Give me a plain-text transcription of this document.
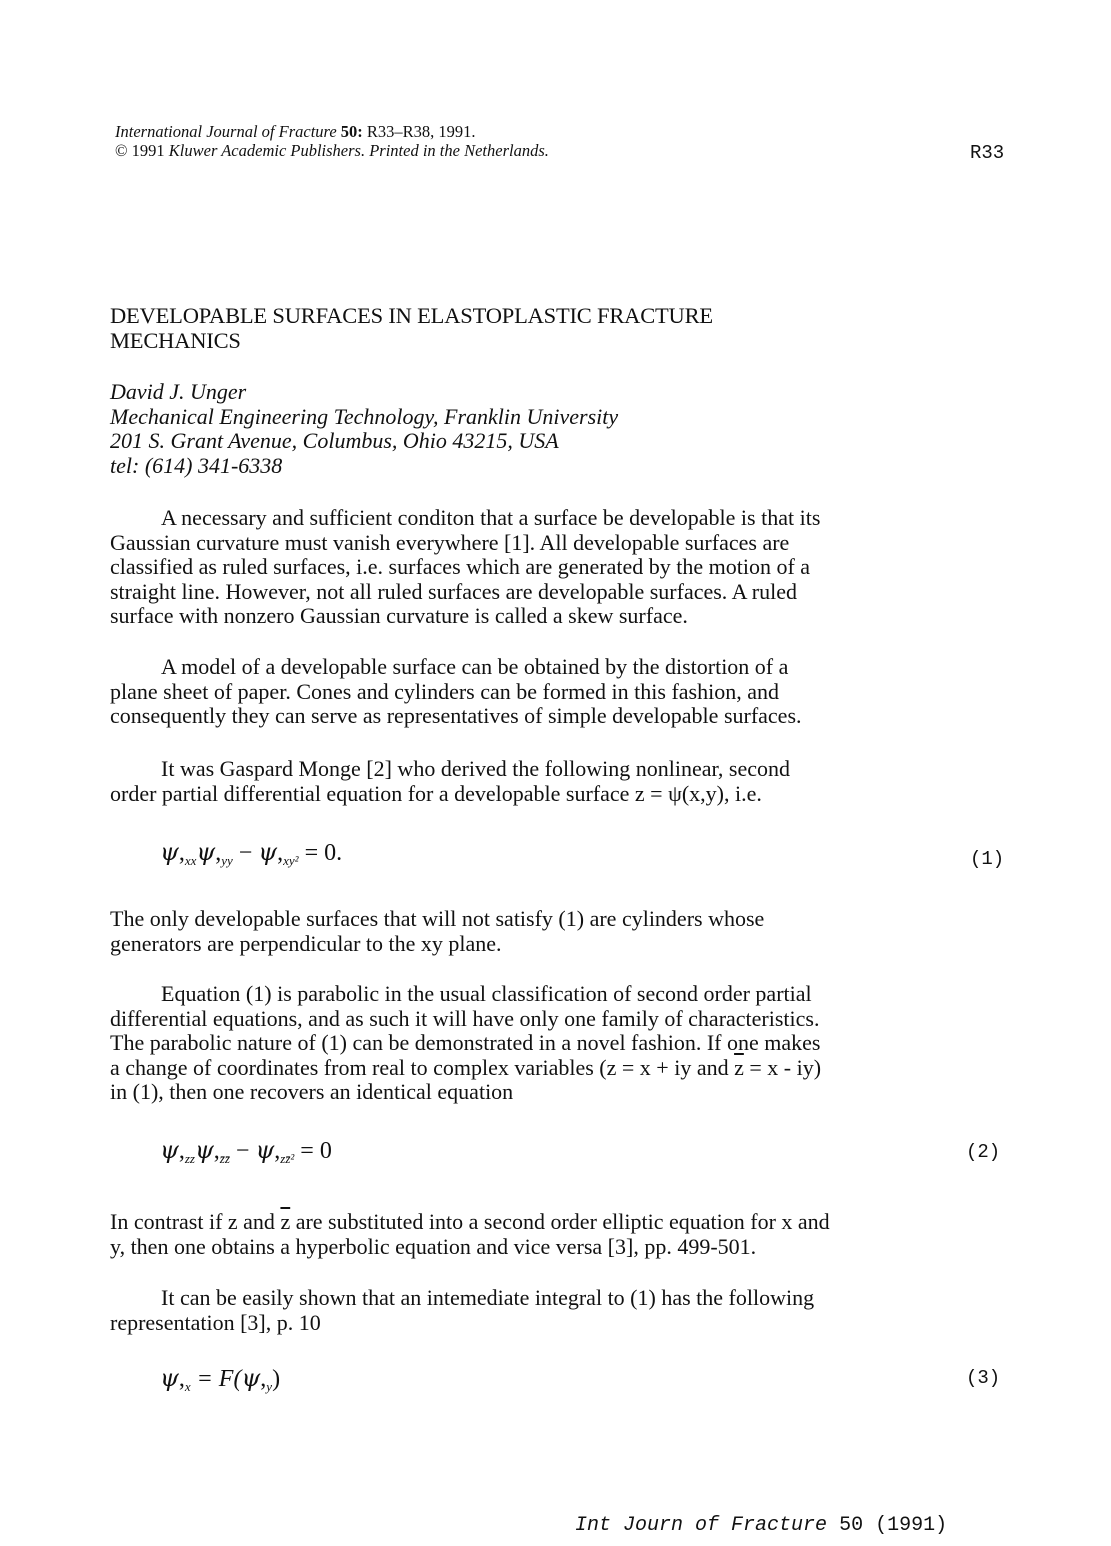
International Journal of Fracture 50: R33–R38, 1991.
© 1991 Kluwer Academic Publishers. Printed in the Netherlands.	R33
DEVELOPABLE SURFACES IN ELASTOPLASTIC FRACTURE
MECHANICS
David J. Unger
Mechanical Engineering Technology, Franklin University
201 S. Grant Avenue, Columbus, Ohio 43215, USA
tel: (614) 341-6338
A necessary and sufficient conditon that a surface be developable is that its
Gaussian curvature must vanish everywhere [1]. All developable surfaces are
classified as ruled surfaces, i.e. surfaces which are generated by the motion of a
straight line. However, not all ruled surfaces are developable surfaces. A ruled
surface with nonzero Gaussian curvature is called a skew surface.
A model of a developable surface can be obtained by the distortion of a
plane sheet of paper. Cones and cylinders can be formed in this fashion, and
consequently they can serve as representatives of simple developable surfaces.
It was Gaspard Monge [2] who derived the following nonlinear, second
order partial differential equation for a developable surface z = ψ(x,y), i.e.
$\psi,_{xx}\psi,_{yy} - \psi,_{xy^2} = 0$.	(1)
The only developable surfaces that will not satisfy (1) are cylinders whose
generators are perpendicular to the xy plane.
Equation (1) is parabolic in the usual classification of second order partial
differential equations, and as such it will have only one family of characteristics.
The parabolic nature of (1) can be demonstrated in a novel fashion. If one makes
a change of coordinates from real to complex variables (z = x + iy and $\overline{z} = x - iy$)
in (1), then one recovers an identical equation
$\psi,_{zz}\psi,_{z̄z̄} - \psi,_{zz̄^2} = 0$	(2)
In contrast if z and $\overline{z}$ are substituted into a second order elliptic equation for x and
y, then one obtains a hyperbolic equation and vice versa [3], pp. 499-501.
It can be easily shown that an intemediate integral to (1) has the following
representation [3], p. 10
$\psi,_x = F(\psi,_y)$	(3)
Int Journ of Fracture 50 (1991)
